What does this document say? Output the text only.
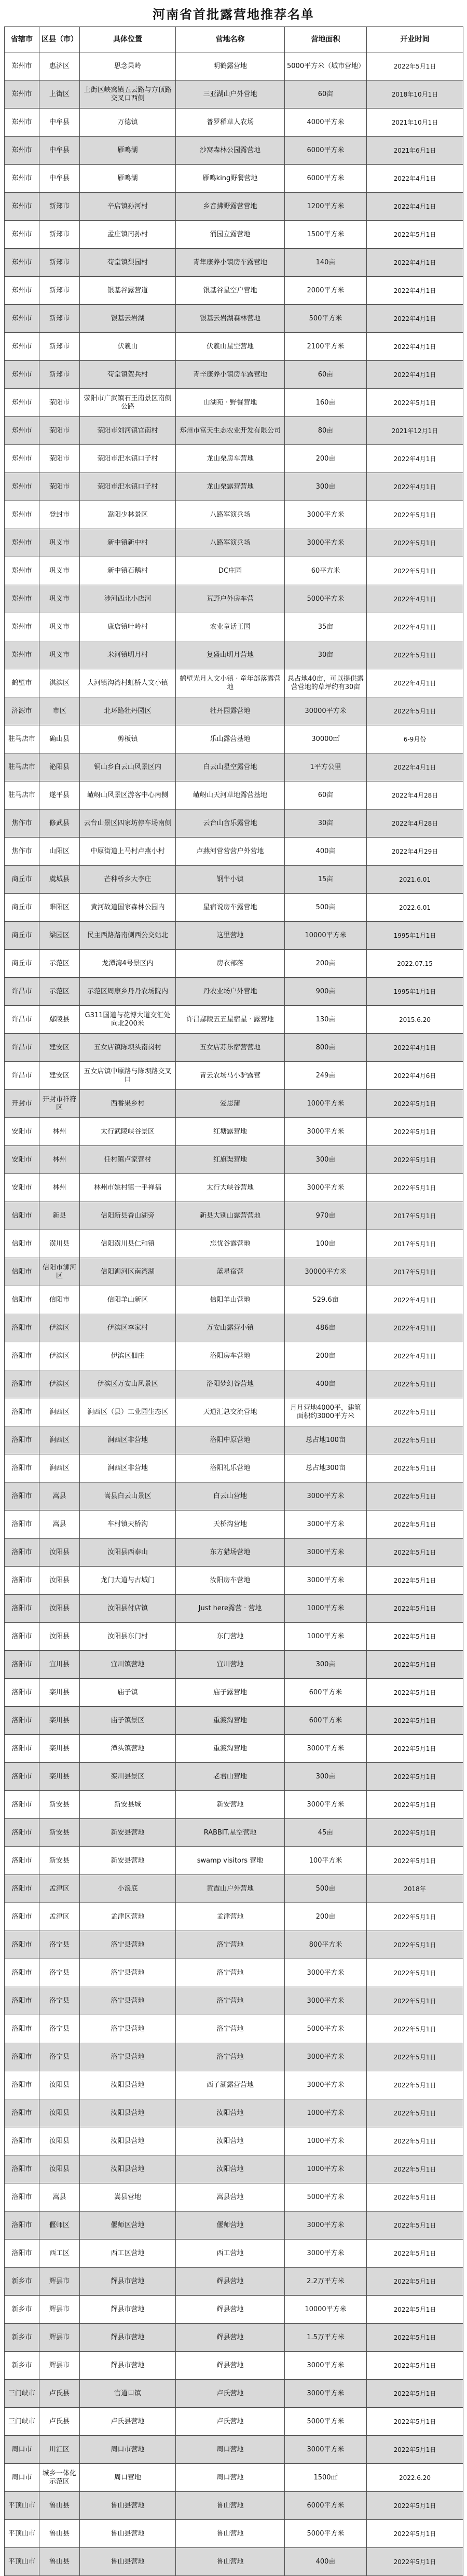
河南省首批露营地推荐名单
省辖市	区县（市）	具体位置	营地名称	营地面积	开业时间
郑州市	惠济区	思念果岭	明鹤露营地	5000平方米（城市营地）	2022年5月1日
郑州市	上街区	上街区峡窝镇五云路与方顶路交叉口西侧	三亚湖山户外营地	60亩	2018年10月1日
郑州市	中牟县	万德镇	普罗稻草人农场	4000平方米	2021年10月1日
郑州市	中牟县	雁鸣湖	沙窝森林公园露营地	6000平方米	2021年6月1日
郑州市	中牟县	雁鸣湖	雁鸣king野餐营地	6000平方米	2022年4月1日
郑州市	新郑市	辛店镇孙河村	乡音拂野露营营地	1200平方米	2022年4月1日
郑州市	新郑市	孟庄镇南孙村	涌园立露营地	1500平方米	2022年5月1日
郑州市	新郑市	苟堂镇梨园村	青隼康养小镇房车露营地	140亩	2022年4月1日
郑州市	新郑市	银基谷露营道	银基谷星空户营地	2000平方米	2022年4月1日
郑州市	新郑市	银基云岩湖	银基云岩湖森林营地	500平方米	2022年4月1日
郑州市	新郑市	伏羲山	伏羲山星空营地	2100平方米	2022年4月1日
郑州市	新郑市	苟堂镇贺兵村	青辛康养小镇房车露营地	60亩	2022年4月1日
郑州市	荥阳市	荥阳市广武镇石王南景区南侧公路	山湖苑 · 野餐营地	160亩	2022年5月1日
郑州市	荥阳市	荥阳市刘河镇官南村	郑州市富天生态农业开发有限公司	80亩	2021年12月1日
郑州市	荥阳市	荥阳市汜水镇口子村	龙山栗房车营地	200亩	2022年4月1日
郑州市	荥阳市	荥阳市汜水镇口子村	龙山栗露营营地	300亩	2022年4月1日
郑州市	登封市	嵩阳少林景区	八路军演兵场	3000平方米	2022年5月1日
郑州市	巩义市	新中镇新中村	八路军演兵场	3000平方米	2022年5月1日
郑州市	巩义市	新中镇石鹅村	DC庄园	60平方米	2022年5月1日
郑州市	巩义市	涉河西北小店河	荒野户外房车营	5000平方米	2022年4月1日
郑州市	巩义市	康店镇叶岭村	农业童话王国	35亩	2022年4月1日
郑州市	巩义市	米河镇明月村	复盛山明月营地	30亩	2022年5月1日
鹤壁市	淇滨区	大河镇沟湾村虹桥人文小镇	鹤壁光月人文小镇 · 童年部落露营地	总占地40亩，可以提供露营营地的草坪约有30亩	2022年4月1日
济源市	市区	北环路牡丹园区	牡丹园露营地	30000平方米	2022年5月1日
驻马店市	确山县	剪板镇	乐山露营基地	30000㎡	6-9月份
驻马店市	泌阳县	铜山乡白云山风景区内	白云山星空露营地	1平方公里	2022年4月1日
驻马店市	遂平县	嵖岈山风景区游客中心南侧	嵖岈山天河草地露营基地	60亩	2022年4月28日
焦作市	修武县	云台山景区四家坊停车场南侧	云台山音乐露营地	30亩	2022年4月28日
焦作市	山阳区	中原街道上马村卢燕小村	卢燕河营营营户外营地	400亩	2022年4月29日
商丘市	虞城县	芒种桥乡大李庄	钢牛小镇	15亩	2021.6.01
商丘市	睢阳区	黄河故道国家森林公园内	星宿说房车露营地	500亩	2022.6.01
商丘市	梁园区	民主西路路南侧西公交站北	这里营地	10000平方米	1995年1月1日
商丘市	示范区	龙潭湾4号景区内	房衣部落	200亩	2022.07.15
许昌市	示范区	示范区周康乡丹丹农场院内	丹农业场户外营地	900亩	1995年1月1日
许昌市	鄢陵县	G311国道与花博大道交汇处向北200米	许昌鄢陵五五星宿星 · 露营地	130亩	2015.6.20
许昌市	建安区	五女店镇陈坝头南岗村	五女店苏乐宿营营地	800亩	2022年4月1日
许昌市	建安区	五女店镇中原路与陈坝路交叉口	青云农场马小驴露营	249亩	2022年4月6日
开封市	开封市祥符区	西番果乡村	爱思蒲	1000平方米	2022年5月1日
安阳市	林州	太行武陵峡谷景区	红塘露营地	3000平方米	2022年5月1日
安阳市	林州	任村镇卢家营村	红旗渠营地	300亩	2022年5月1日
安阳市	林州	林州市姚村镇一手禅福	太行大峡谷营地	3000平方米	2022年5月1日
信阳市	新县	信阳新县香山湖旁	新县大别山露营营地	970亩	2017年5月1日
信阳市	潢川县	信阳潢川县仁和镇	忘忧谷露营地	100亩	2017年5月1日
信阳市	信阳市浉河区	信阳浉河区南湾湖	蓝星宿营	30000平方米	2017年5月1日
信阳市	信阳市	信阳羊山新区	信阳羊山营地	529.6亩	2022年4月1日
洛阳市	伊滨区	伊滨区李家村	万安山露营小镇	486亩	2022年4月1日
洛阳市	伊滨区	伊滨区佃庄	洛阳房车营地	200亩	2022年4月1日
洛阳市	伊滨区	伊滨区万安山风景区	洛阳梦幻谷营地	400亩	2022年5月1日
洛阳市	涧西区	涧西区（县）工业园生态区	天道汇总交流营地	月月营地4000平，建筑面积约3000平方米	2022年5月1日
洛阳市	涧西区	涧西区非营地	洛阳中原营地	总占地100亩	2022年5月1日
洛阳市	涧西区	涧西区非营地	洛阳礼乐营地	总占地300亩	2022年5月1日
洛阳市	嵩县	嵩县白云山景区	白云山营地	3000平方米	2022年5月1日
洛阳市	嵩县	车村镇天桥沟	天桥沟营地	3000平方米	2022年5月1日
洛阳市	汝阳县	汝阳县西泰山	东方猎场营地	3000平方米	2022年5月1日
洛阳市	汝阳县	龙门大道与古城门	汝阳房车营地	3000平方米	2022年5月1日
洛阳市	汝阳县	汝阳县付店镇	Just here露营 · 营地	1000平方米	2022年5月1日
洛阳市	汝阳县	汝阳县东门村	东门营地	1000平方米	2022年5月1日
洛阳市	宜川县	宜川镇营地	宜川营地	300亩	2022年5月1日
洛阳市	栾川县	庙子镇	庙子露营地	600平方米	2022年5月1日
洛阳市	栾川县	庙子镇景区	重渡沟营地	600平方米	2022年5月1日
洛阳市	栾川县	潭头镇营地	重渡沟营地	3000平方米	2022年5月1日
洛阳市	栾川县	栾川县景区	老君山营地	300亩	2022年5月1日
洛阳市	新安县	新安县城	新安营地	3000平方米	2022年5月1日
洛阳市	新安县	新安县营地	RABBIT.星空营地	45亩	2022年5月1日
洛阳市	新安县	新安县营地	swamp visitors 营地	100平方米	2022年5月1日
洛阳市	孟津区	小浪底	黄霞山户外营地	500亩	2018年
洛阳市	孟津区	孟津区营地	孟津营地	200亩	2022年5月1日
洛阳市	洛宁县	洛宁县营地	洛宁营地	800平方米	2022年5月1日
洛阳市	洛宁县	洛宁县营地	洛宁营地	3000平方米	2022年5月1日
洛阳市	洛宁县	洛宁县营地	洛宁营地	3000平方米	2022年5月1日
洛阳市	洛宁县	洛宁县营地	洛宁营地	5000平方米	2022年5月1日
洛阳市	洛宁县	洛宁县营地	洛宁营地	3000平方米	2022年5月1日
洛阳市	汝阳县	汝阳县营地	西子湖露营营地	3000平方米	2022年5月1日
洛阳市	汝阳县	汝阳县营地	汝阳营地	1000平方米	2022年5月1日
洛阳市	汝阳县	汝阳县营地	汝阳营地	1000平方米	2022年5月1日
洛阳市	汝阳县	汝阳县营地	汝阳营地	1000平方米	2022年5月1日
洛阳市	嵩县	嵩县营地	嵩县营地	5000平方米	2022年5月1日
洛阳市	偃师区	偃师区营地	偃师营地	3000平方米	2022年5月1日
洛阳市	西工区	西工区营地	西工营地	3000平方米	2022年5月1日
新乡市	辉县市	辉县市营地	辉县营地	2.2万平方米	2022年5月1日
新乡市	辉县市	辉县市营地	辉县营地	10000平方米	2022年5月1日
新乡市	辉县市	辉县市营地	辉县营地	1.5万平方米	2022年5月1日
新乡市	辉县市	辉县市营地	辉县营地	3000平方米	2022年5月1日
三门峡市	卢氏县	官道口镇	卢氏营地	3000平方米	2022年5月1日
三门峡市	卢氏县	卢氏县营地	卢氏营地	5000平方米	2022年5月1日
周口市	川汇区	周口市营地	周口营地	3000平方米	2022年5月1日
周口市	城乡一体化示范区	周口营地	周口营地	1500㎡	2022.6.20
平顶山市	鲁山县	鲁山县营地	鲁山营地	6000平方米	2022年5月1日
平顶山市	鲁山县	鲁山县营地	鲁山营地	5000平方米	2022年5月1日
平顶山市	鲁山县	鲁山县营地	鲁山营地	400亩	2022年5月1日
